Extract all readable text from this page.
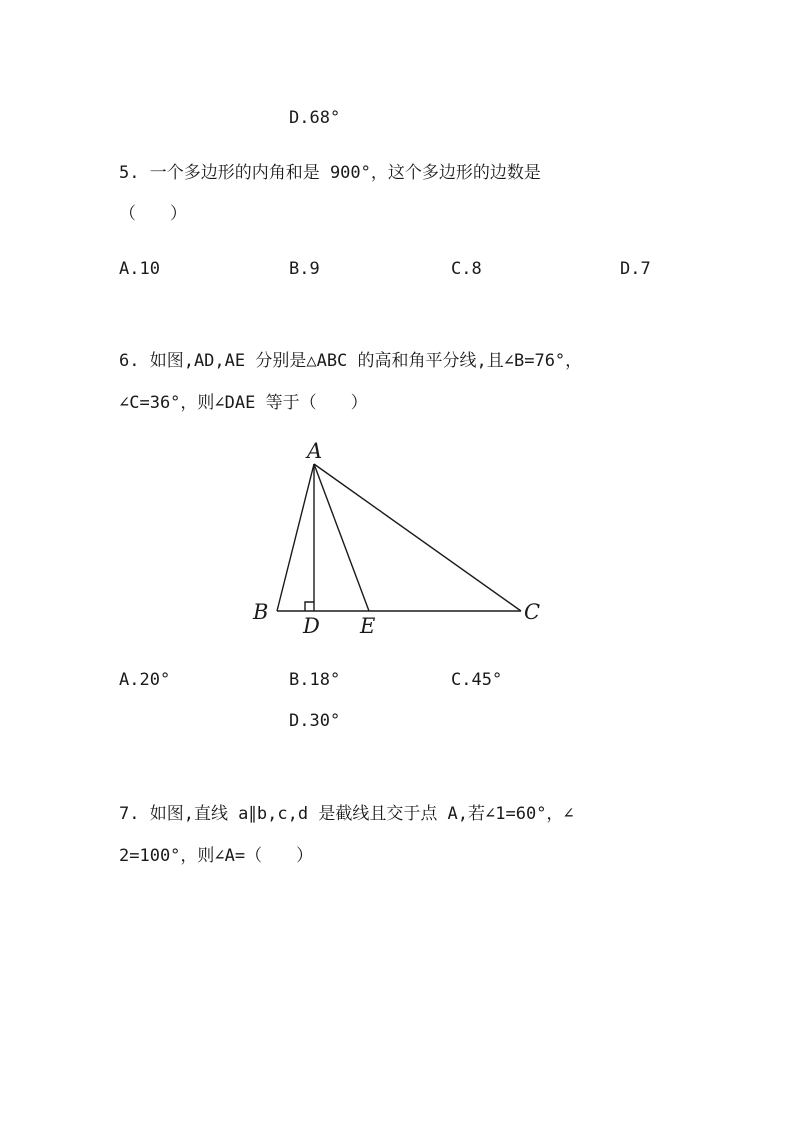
D.68°
5. 一个多边形的内角和是 900°，这个多边形的边数是
（　　）
A.10	B.9	C.8	D.7
6. 如图,AD,AE 分别是△ABC 的高和角平分线,且∠B=76°，
∠C=36°，则∠DAE 等于（　　）
A
B	C
D E
A.20°	B.18°	C.45°
D.30°
7. 如图,直线 a∥b,c,d 是截线且交于点 A,若∠1=60°，∠
2=100°，则∠A=（　　）
